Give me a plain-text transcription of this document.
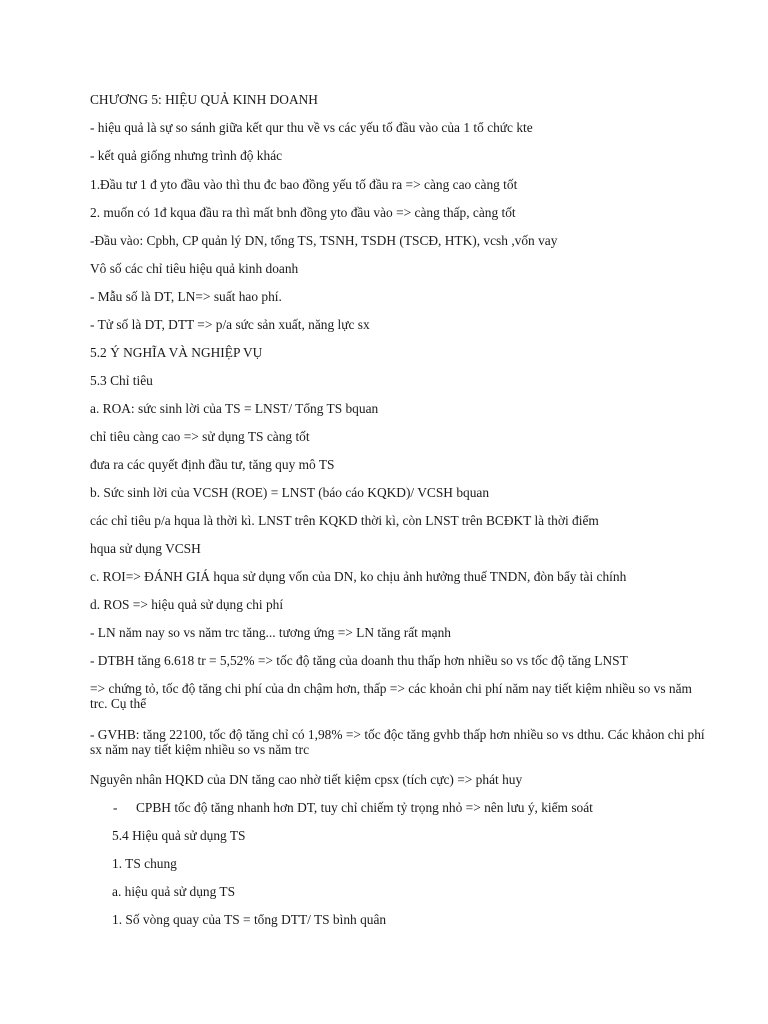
CHƯƠNG 5: HIỆU QUẢ KINH DOANH
- hiệu quả là sự so sánh giữa kết qur thu về vs các yếu tố đầu vào của 1 tổ chức kte
- kết quả giống nhưng trình độ khác
1.Đầu tư 1 đ yto đầu vào thì thu đc bao đồng yếu tố đầu ra => càng cao càng tốt
2. muốn có 1đ kqua đầu ra thì mất bnh đồng yto đầu vào => càng thấp, càng tốt
-Đầu vào: Cpbh, CP quản lý DN, tổng TS, TSNH, TSDH (TSCĐ, HTK), vcsh ,vốn vay
Vô số các chỉ tiêu hiệu quả kinh doanh
- Mẫu số là DT, LN=> suất hao phí.
- Tử số là DT, DTT => p/a sức sản xuất, năng lực sx
5.2 Ý NGHĨA VÀ NGHIỆP VỤ
5.3 Chỉ tiêu
a. ROA: sức sinh lời của TS = LNST/ Tổng TS bquan
chỉ tiêu càng cao => sử dụng TS càng tốt
đưa ra các quyết định đầu tư, tăng quy mô TS
b. Sức sinh lời của VCSH (ROE) = LNST (báo cáo KQKD)/ VCSH bquan
các chỉ tiêu p/a hqua là thời kì. LNST trên KQKD thời kì, còn LNST trên BCĐKT là thời điểm
hqua sử dụng VCSH
c. ROI=> ĐÁNH GIÁ hqua sử dụng vốn của DN, ko chịu ảnh hưởng thuế TNDN, đòn bẩy tài chính
d. ROS => hiệu quả sử dụng chi phí
- LN năm nay so vs năm trc tăng... tương ứng => LN tăng rất mạnh
- DTBH tăng 6.618 tr = 5,52% => tốc độ tăng của doanh thu thấp hơn nhiều so vs tốc độ tăng LNST
=> chứng tỏ, tốc độ tăng chi phí của dn chậm hơn, thấp => các khoản chi phí năm nay tiết kiệm nhiều so vs năm trc. Cụ thể
- GVHB: tăng 22100, tốc độ tăng chỉ có 1,98% => tốc độc tăng gvhb thấp hơn nhiều so vs dthu. Các khảon chi phí sx năm nay tiết kiệm nhiều so vs năm trc
Nguyên nhân HQKD của DN tăng cao nhờ tiết kiệm cpsx (tích cực) => phát huy
- CPBH tốc độ tăng nhanh hơn DT, tuy chỉ chiếm tỷ trọng nhỏ => nên lưu ý, kiểm soát
5.4 Hiệu quả sử dụng TS
1. TS chung
a. hiệu quả sử dụng TS
1. Số vòng quay của TS = tổng DTT/ TS bình quân
